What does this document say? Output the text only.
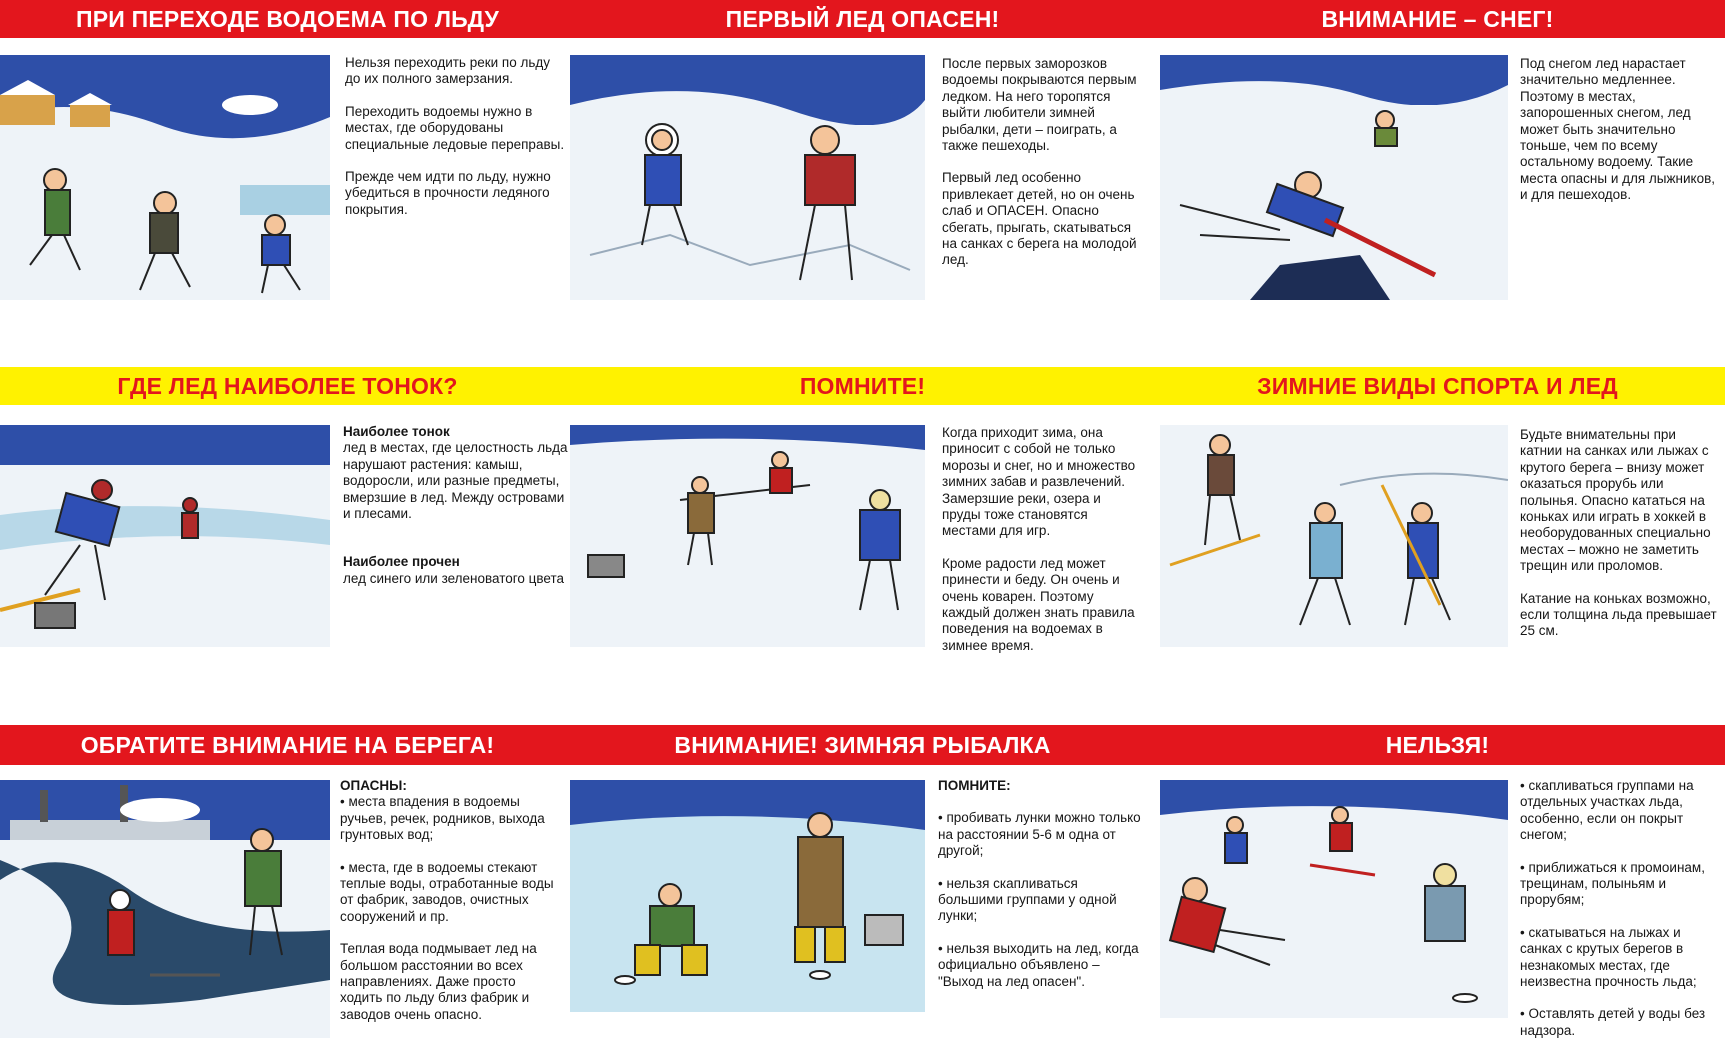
ПРИ ПЕРЕХОДЕ ВОДОЕМА ПО ЛЬДУ	ПЕРВЫЙ ЛЕД ОПАСЕН!	ВНИМАНИЕ – СНЕГ!

Нельзя переходить реки по льду до их полного замерзания.

Переходить водоемы нужно в местах, где оборудованы специальные ледовые переправы.

Прежде чем идти по льду, нужно убедиться в прочности ледяного покрытия.

После первых заморозков водоемы покрываются первым ледком. На него торопятся выйти любители зимней рыбалки, дети – поиграть, а также пешеходы.

Первый лед особенно привлекает детей, но он очень слаб и ОПАСЕН. Опасно сбегать, прыгать, скатываться на санках с берега на молодой лед.

Под снегом лед нарастает значительно медленнее. Поэтому в местах, запорошенных снегом, лед может быть значительно тоньше, чем по всему остальному водоему. Такие места опасны и для лыжников, и для пешеходов.

ГДЕ ЛЕД НАИБОЛЕЕ ТОНОК?	ПОМНИТЕ!	ЗИМНИЕ ВИДЫ СПОРТА И ЛЕД
Наиболее тонок
лед в местах, где целостность льда нарушают растения: камыш, водоросли, или разные предметы, вмерзшие в лед. Между островами и плесами.
Наиболее прочен
лед синего или зеленоватого цвета

Когда приходит зима, она приносит с собой не только морозы и снег, но и множество зимних забав и развлечений. Замерзшие реки, озера и пруды тоже становятся местами для игр.

Кроме радости лед может принести и беду. Он очень и очень коварен. Поэтому каждый должен знать правила поведения на водоемах в зимнее время.

Будьте внимательны при катнии на санках или лыжах с крутого берега – внизу может оказаться прорубь или полынья. Опасно кататься на коньках или играть в хоккей в необорудованных специально местах – можно не заметить трещин или проломов.

Катание на коньках возможно, если толщина льда превышает 25 см.

ОБРАТИТЕ ВНИМАНИЕ НА БЕРЕГА!	ВНИМАНИЕ! ЗИМНЯЯ РЫБАЛКА	НЕЛЬЗЯ!
ОПАСНЫ:
• места впадения в водоемы ручьев, речек, родников, выхода грунтовых вод;
• места, где в водоемы стекают теплые воды, отработанные воды от фабрик, заводов, очистных сооружений и пр.

Теплая вода подмывает лед на большом расстоянии во всех направлениях. Даже просто ходить по льду близ фабрик и заводов очень опасно.

ПОМНИТЕ:
• пробивать лунки можно только на расстоянии 5-6 м одна от другой;
• нельзя скапливаться большими группами у одной лунки;
• нельзя выходить на лед, когда официально объявлено – "Выход на лед опасен".
• скапливаться группами на отдельных участках льда, особенно, если он покрыт снегом;
• приближаться к промоинам, трещинам, полыньям и прорубям;
• скатываться на лыжах и санках с крутых берегов в незнакомых местах, где неизвестна прочность льда;
• Оставлять детей у воды без надзора.
